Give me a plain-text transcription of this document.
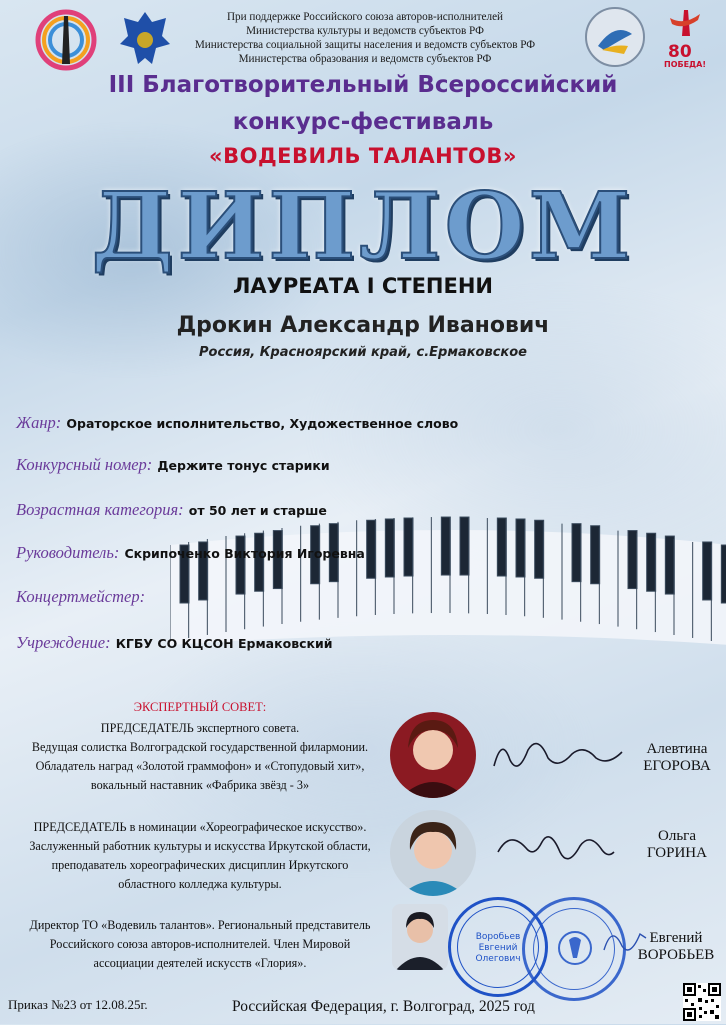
При поддержке Российского союза авторов-исполнителей
Министерства культуры и ведомств субъектов РФ
Министерства социальной защиты населения и ведомств субъектов РФ
Министерства образования и ведомств субъектов РФ	80
ПОБЕДА!
III Благотворительный Всероссийский
конкурс-фестиваль
«ВОДЕВИЛЬ ТАЛАНТОВ»
ДИПЛОМ
ЛАУРЕАТА I СТЕПЕНИ
Дрокин Александр Иванович
Россия, Красноярский край, с.Ермаковское
Жанр: Ораторское исполнительство, Художественное слово
Конкурсный номер: Держите тонус старики
Возрастная категория: от 50 лет и старше
Руководитель: Скрипоченко Виктория Игоревна
Концертмейстер:
Учреждение: КГБУ СО КЦСОН Ермаковский
ЭКСПЕРТНЫЙ СОВЕТ:
ПРЕДСЕДАТЕЛЬ экспертного совета.
Ведущая солистка Волгоградской государственной филармонии.
Обладатель наград «Золотой граммофон» и «Стопудовый хит»,
вокальный наставник «Фабрика звёзд - 3»
ПРЕДСЕДАТЕЛЬ в номинации «Хореографическое искусство».
Заслуженный работник культуры и искусства Иркутской области,
преподаватель хореографических дисциплин Иркутского
областного колледжа культуры.
Директор ТО «Водевиль талантов». Региональный представитель
Российского союза авторов-исполнителей. Член Мировой
ассоциации деятелей искусств «Глория».
Алевтина
ЕГОРОВА
Ольга
ГОРИНА
Евгений
ВОРОБЬЕВ
Воробьев
Евгений
Олегович
Приказ №23 от 12.08.25г.	Российская Федерация, г. Волгоград, 2025 год
